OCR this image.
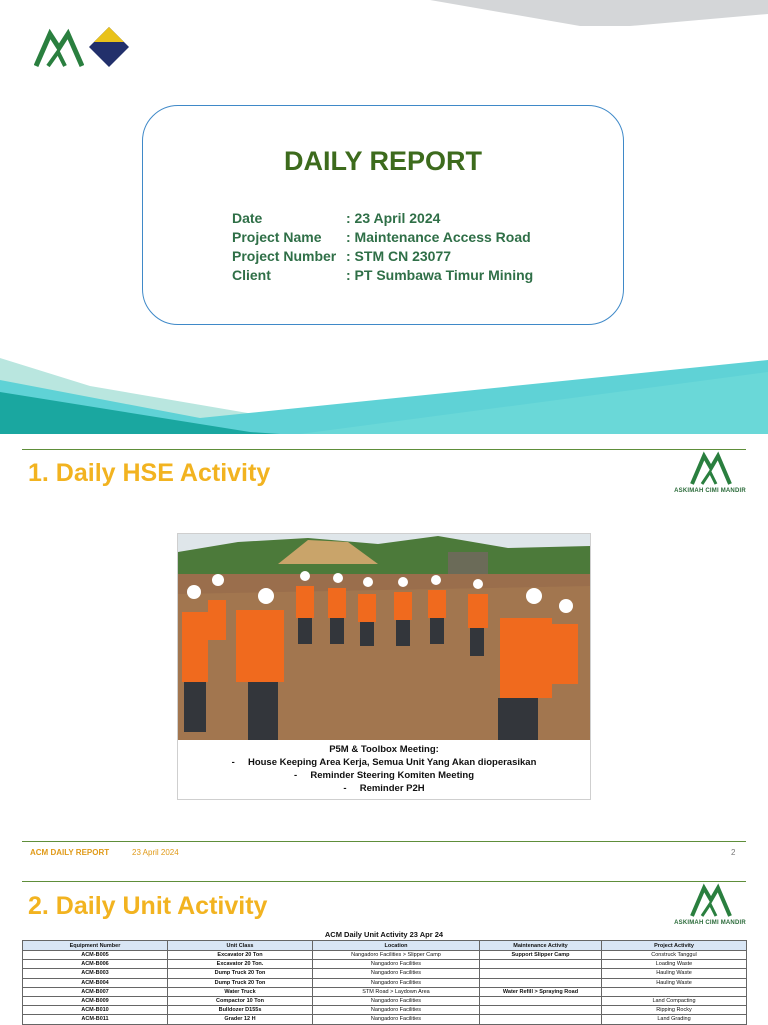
DAILY REPORT
Date	: 23 April 2024
Project Name : Maintenance Access Road
Project Number : STM CN 23077
Client	: PT Sumbawa Timur Mining
1. Daily HSE Activity
ASKIMAH CIMI MANDIR
P5M & Toolbox Meeting:
-     House Keeping Area Kerja, Semua Unit Yang Akan dioperasikan
-     Reminder Steering Komiten Meeting
-     Reminder P2H
ACM DAILY REPORT	23 April 2024	2
2. Daily Unit Activity
ASKIMAH CIMI MANDIR
ACM Daily Unit Activity 23 Apr 24
Equipment Number	Unit Class	Location	Maintenance Activity	Project Activity
ACM-B005	Excavator 20 Ton	Nangadoro Facilities > Slipper Camp	Support Slipper Camp	Construck Tanggul
ACM-B006	Excavator 20 Ton.	Nangadoro Facilities		Loading Waste
ACM-B003	Dump Truck 20 Ton	Nangadoro Facilities		Hauling Waste
ACM-B004	Dump Truck 20 Ton	Nangadoro Facilities		Hauling Waste
ACM-B007	Water Truck	STM Road > Laydown Area	Water Refill > Spraying Road	
ACM-B009	Compactor 10 Ton	Nangadoro Facilities		Land Compacting
ACM-B010	Bulldozer D155s	Nangadoro Facilities		Ripping Rocky
ACM-B011	Grader 12 H	Nangadoro Facilities		Land Grading
